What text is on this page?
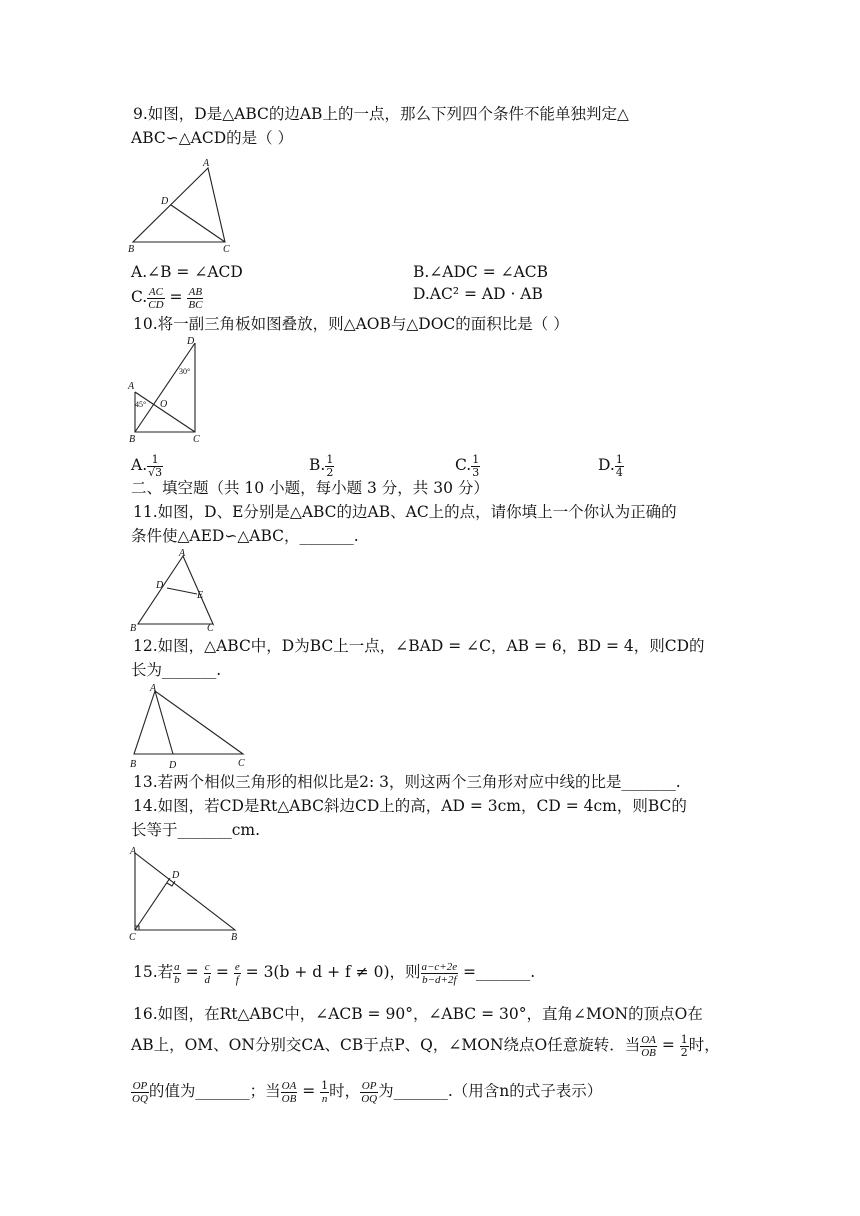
9.如图，D是△ABC的边AB上的一点，那么下列四个条件不能单独判定△
ABC∽△ACD的是（ ）
A
B	C
D
A.∠B = ∠ACD	B.∠ADC = ∠ACB
C. $\frac{AC}{CD} = \frac{AB}{BC}$	D.AC² = AD · AB
10.将一副三角板如图叠放，则△AOB与△DOC的面积比是（ ）
D
A
B	C
O
45°
30°
A. $\frac{1}{√3}$	B. $\frac{1}{2}$	C. $\frac{1}{3}$	D. $\frac{1}{4}$
二、填空题（共 10 小题，每小题 3 分，共 30 分）
11.如图，D、E分别是△ABC的边AB、AC上的点，请你填上一个你认为正确的
条件使△AED∽△ABC，_______.
A
B	C
D
E
12.如图，△ABC中，D为BC上一点，∠BAD = ∠C，AB = 6，BD = 4，则CD的
长为_______.
A
B	D	C
13.若两个相似三角形的相似比是2: 3，则这两个三角形对应中线的比是_______.
14.如图，若CD是Rt△ABC斜边CD上的高，AD = 3cm，CD = 4cm，则BC的
长等于_______cm.
A
D
C	B
15.若 $\frac{a}{b} = \frac{c}{d} = \frac{e}{f} = 3(b + d + f \ne 0)$，则 $\frac{a-c+2e}{b-d+2f}$ =_______.
16.如图，在Rt△ABC中，∠ACB = 90°，∠ABC = 30°，直角∠MON的顶点O在
AB上，OM、ON分别交CA、CB于点P、Q，∠MON绕点O任意旋转．当 $\frac{OA}{OB} = \frac{1}{2}$ 时，
$\frac{OP}{OQ}$ 的值为_______；当 $\frac{OA}{OB} = \frac{1}{n}$ 时， $\frac{OP}{OQ}$ 为_______.（用含n的式子表示）
